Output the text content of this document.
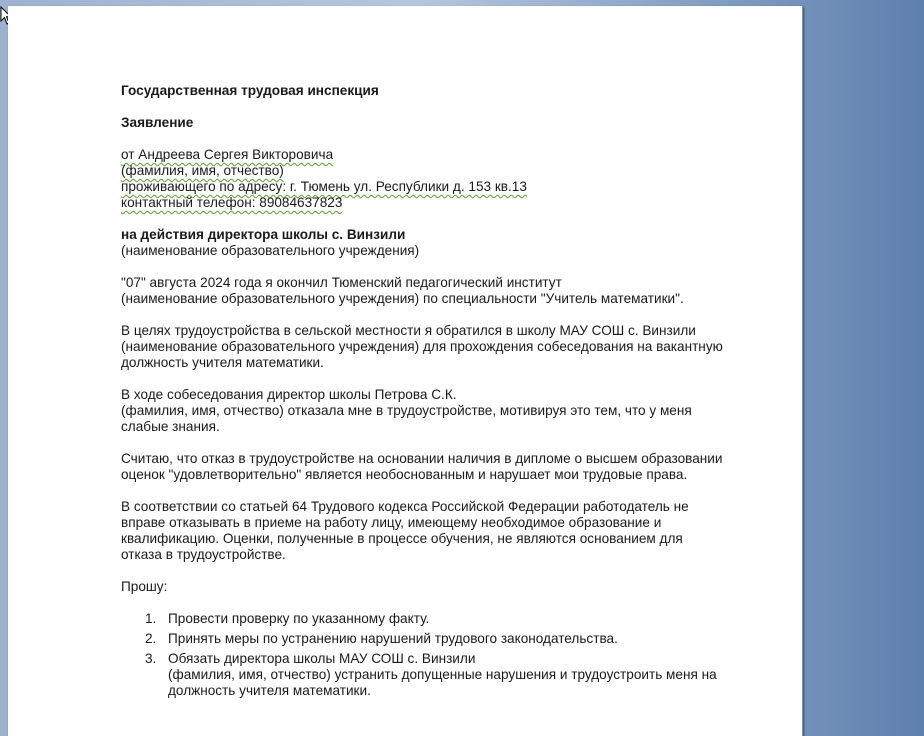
Государственная трудовая инспекция

Заявление

от Андреева Сергея Викторовича

(фамилия, имя, отчество)

проживающего по адресу: г. Тюмень ул. Республики д. 153 кв.13

контактный телефон: 89084637823

на действия директора школы с. Винзили

(наименование образовательного учреждения)

"07" августа 2024 года я окончил Тюменский педагогический институт

(наименование образовательного учреждения) по специальности "Учитель математики".

В целях трудоустройства в сельской местности я обратился в школу МАУ СОШ с. Винзили

(наименование образовательного учреждения) для прохождения собеседования на вакантную

должность учителя математики.

В ходе собеседования директор школы Петрова С.К.

(фамилия, имя, отчество) отказала мне в трудоустройстве, мотивируя это тем, что у меня

слабые знания.

Считаю, что отказ в трудоустройстве на основании наличия в дипломе о высшем образовании

оценок "удовлетворительно" является необоснованным и нарушает мои трудовые права.

В соответствии со статьей 64 Трудового кодекса Российской Федерации работодатель не

вправе отказывать в приеме на работу лицу, имеющему необходимое образование и

квалификацию. Оценки, полученные в процессе обучения, не являются основанием для

отказа в трудоустройстве.

Прошу:

1. Провести проверку по указанному факту.

2. Принять меры по устранению нарушений трудового законодательства.

3. Обязать директора школы МАУ СОШ с. Винзили

(фамилия, имя, отчество) устранить допущенные нарушения и трудоустроить меня на

должность учителя математики.
